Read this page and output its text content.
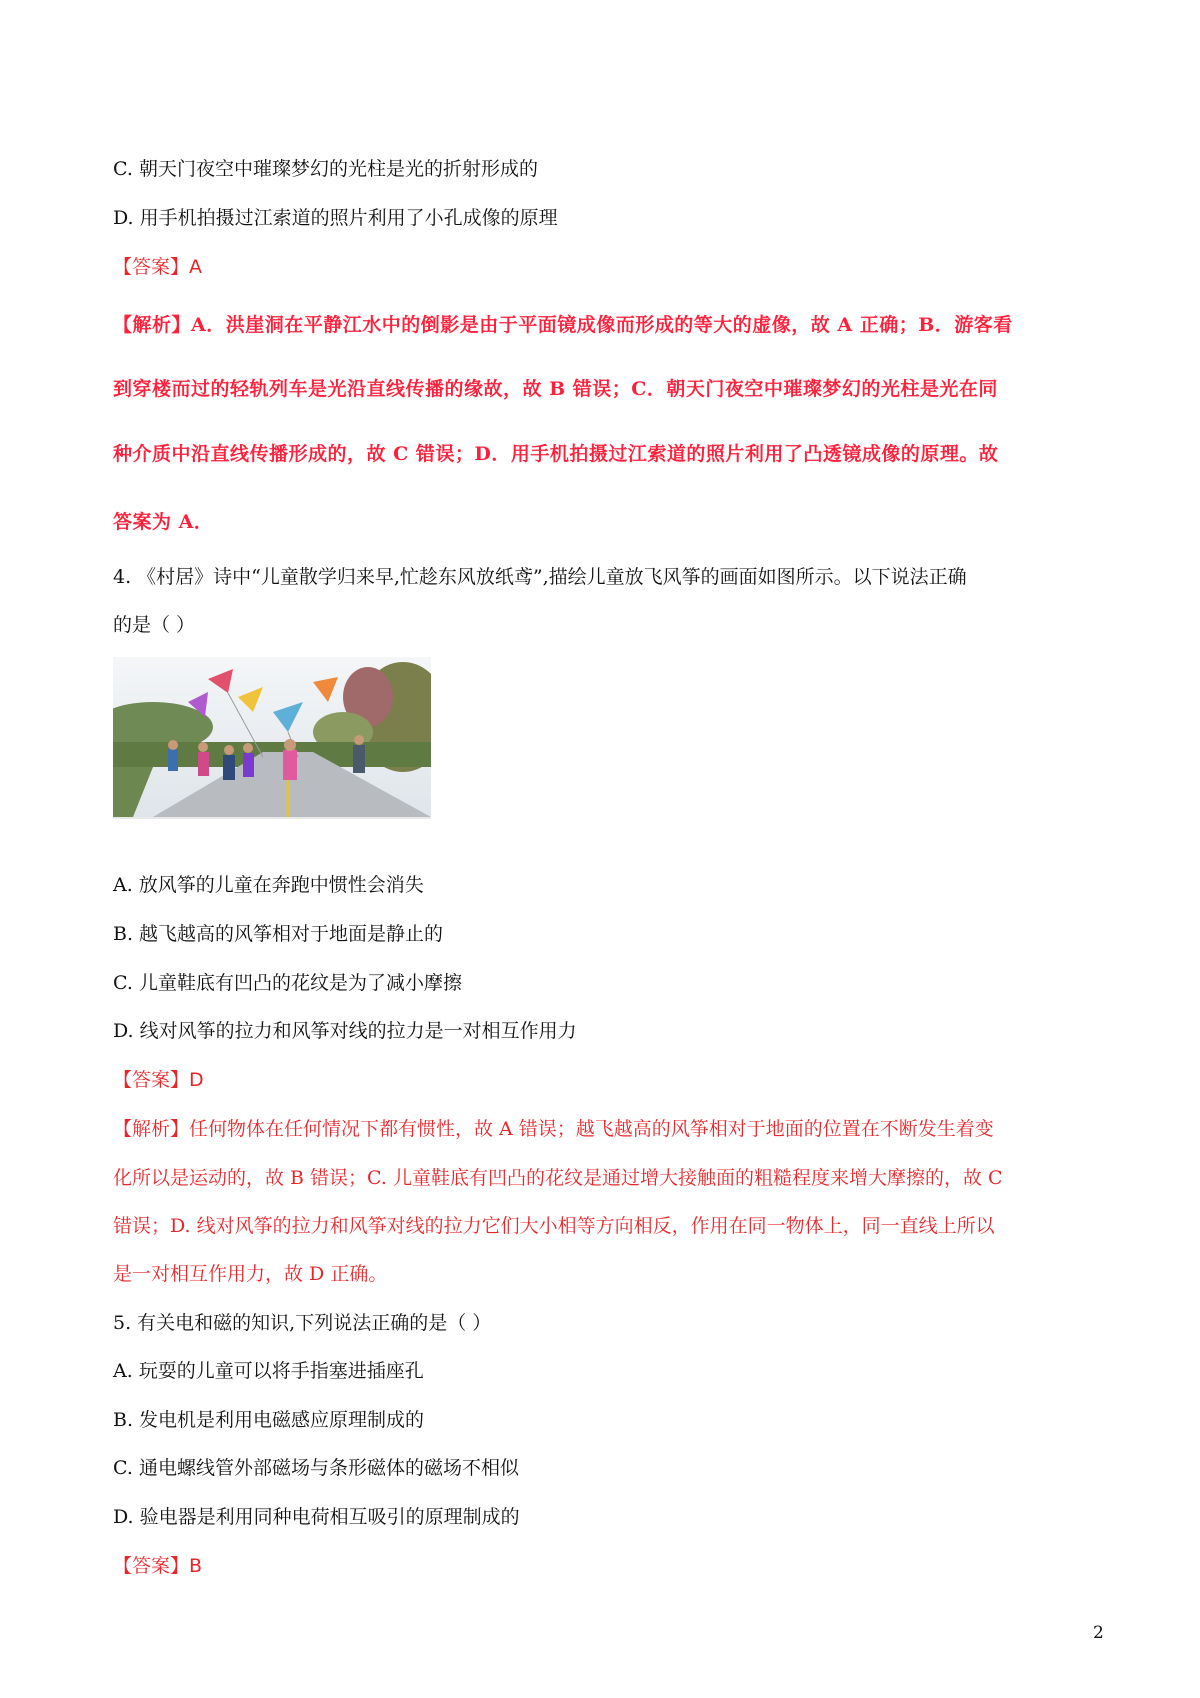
C. 朝天门夜空中璀璨梦幻的光柱是光的折射形成的
D. 用手机拍摄过江索道的照片利用了小孔成像的原理
【答案】A
【解析】A．洪崖洞在平静江水中的倒影是由于平面镜成像而形成的等大的虚像，故 A 正确；B．游客看
到穿楼而过的轻轨列车是光沿直线传播的缘故，故 B 错误；C．朝天门夜空中璀璨梦幻的光柱是光在同
种介质中沿直线传播形成的，故 C 错误；D．用手机拍摄过江索道的照片利用了凸透镜成像的原理。故
答案为 A．
4. 《村居》诗中“儿童散学归来早,忙趁东风放纸鸢”,描绘儿童放飞风筝的画面如图所示。以下说法正确
的是（ ）
A. 放风筝的儿童在奔跑中惯性会消失
B. 越飞越高的风筝相对于地面是静止的
C. 儿童鞋底有凹凸的花纹是为了减小摩擦
D. 线对风筝的拉力和风筝对线的拉力是一对相互作用力
【答案】D
【解析】任何物体在任何情况下都有惯性，故 A 错误；越飞越高的风筝相对于地面的位置在不断发生着变
化所以是运动的，故 B 错误；C. 儿童鞋底有凹凸的花纹是通过增大接触面的粗糙程度来增大摩擦的，故 C
错误；D. 线对风筝的拉力和风筝对线的拉力它们大小相等方向相反，作用在同一物体上，同一直线上所以
是一对相互作用力，故 D 正确。
5. 有关电和磁的知识,下列说法正确的是（ ）
A. 玩耍的儿童可以将手指塞进插座孔
B. 发电机是利用电磁感应原理制成的
C. 通电螺线管外部磁场与条形磁体的磁场不相似
D. 验电器是利用同种电荷相互吸引的原理制成的
【答案】B
2
